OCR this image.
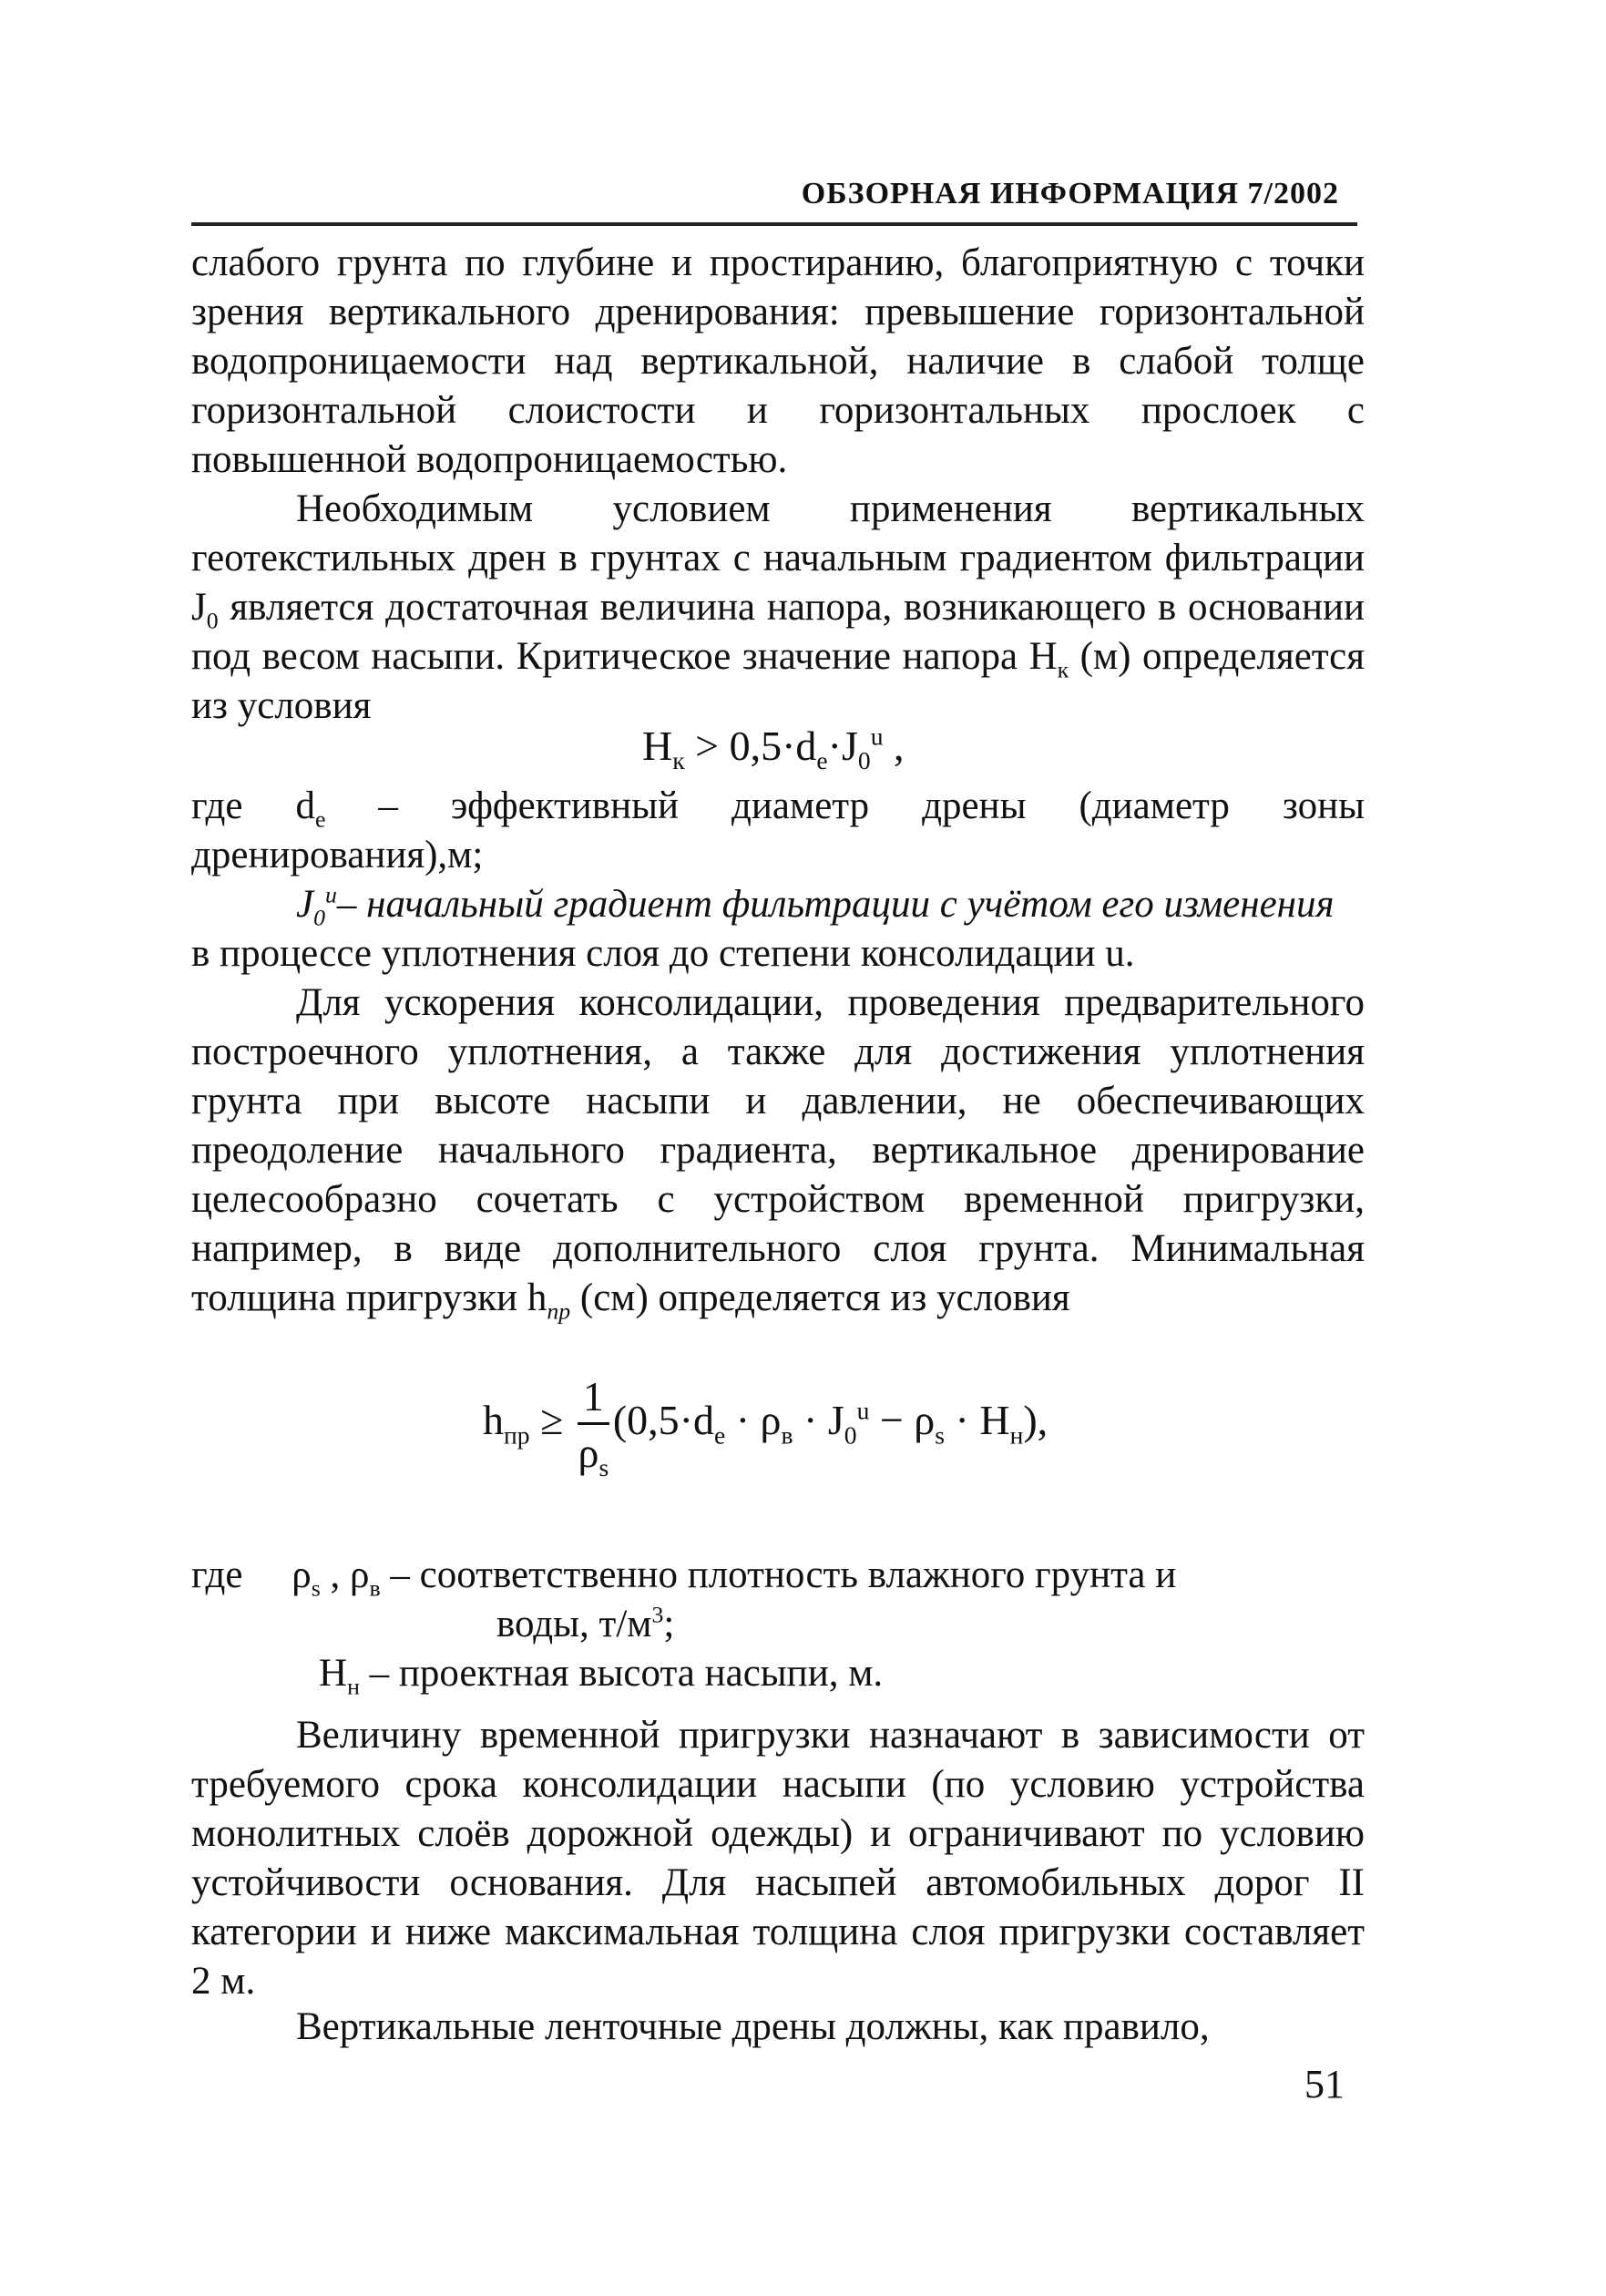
ОБЗОРНАЯ ИНФОРМАЦИЯ 7/2002

слабого грунта по глубине и простиранию, благоприятную с точки зрения вертикального дренирования: превышение горизонтальной водопроницаемости над вертикальной, наличие в слабой толще горизонтальной слоистости и горизонтальных прослоек с повышенной водопроницаемостью.

Необходимым условием применения вертикальных геотекстильных дрен в грунтах с начальным градиентом фильтрации $J_0$ является достаточная величина напора, возникающего в основании под весом насыпи. Критическое значение напора $H_к$ (м) определяется из условия

$H_к > 0,5\cdot d_e\cdot J_0^u$ ,

где $d_e$ – эффективный диаметр дрены (диаметр зоны дренирования),м;

$J_0^u-$ начальный градиент фильтрации с учётом его изменения

в процессе уплотнения слоя до степени консолидации u.

Для ускорения консолидации, проведения предварительного построечного уплотнения, а также для достижения уплотнения грунта при высоте насыпи и давлении, не обеспечивающих преодоление начального градиента, вертикальное дренирование целесообразно сочетать с устройством временной пригрузки, например, в виде дополнительного слоя грунта. Минимальная толщина пригрузки $h_{пр}$ (см) определяется из условия

$h_{пр} \ge \frac{1}{\rho_s} (0,5\cdot d_e \cdot \rho_в \cdot J_0^u - \rho_s \cdot H_н)$,

где     $\rho_s$ , $\rho_в$ – соответственно плотность влажного грунта и

воды, $т/м^3$;

$H_н$ – проектная высота насыпи, м.

Величину временной пригрузки назначают в зависимости от требуемого срока консолидации насыпи (по условию устройства монолитных слоёв дорожной одежды) и ограничивают по условию устойчивости основания. Для насыпей автомобильных дорог II категории и ниже максимальная толщина слоя пригрузки составляет 2 м.

Вертикальные ленточные дрены должны, как правило,

51
